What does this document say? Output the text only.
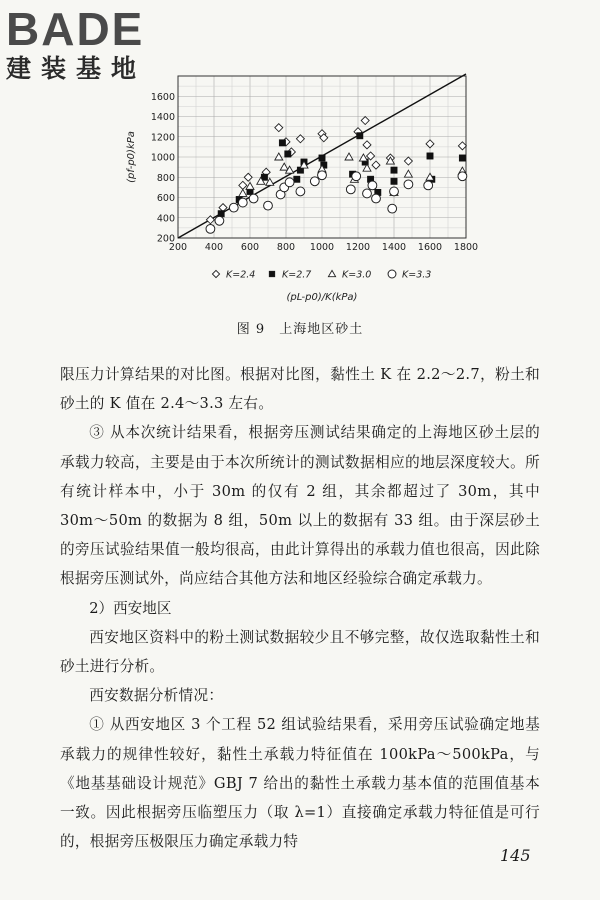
BADE
建装基地
200 400 600 800 1000 1200 1400 1600 1800
200
400
600
800
1000
1200
1400
1600
K=2.4	K=2.7	K=3.0	K=3.3
(pL-p0)/K(kPa)
(pf-p0)kPa
图 9　上海地区砂土

限压力计算结果的对比图。根据对比图，黏性土 K 在 2.2～2.7，粉土和砂土的 K 值在 2.4～3.3 左右。

③ 从本次统计结果看，根据旁压测试结果确定的上海地区砂土层的承载力较高，主要是由于本次所统计的测试数据相应的地层深度较大。所有统计样本中，小于 30m 的仅有 2 组，其余都超过了 30m，其中 30m～50m 的数据为 8 组，50m 以上的数据有 33 组。由于深层砂土的旁压试验结果值一般均很高，由此计算得出的承载力值也很高，因此除根据旁压测试外，尚应结合其他方法和地区经验综合确定承载力。

2）西安地区

西安地区资料中的粉土测试数据较少且不够完整，故仅选取黏性土和砂土进行分析。

西安数据分析情况：

① 从西安地区 3 个工程 52 组试验结果看，采用旁压试验确定地基承载力的规律性较好，黏性土承载力特征值在 100kPa～500kPa，与《地基基础设计规范》GBJ 7 给出的黏性土承载力基本值的范围值基本一致。因此根据旁压临塑压力（取 λ=1）直接确定承载力特征值是可行的，根据旁压极限压力确定承载力特

145
